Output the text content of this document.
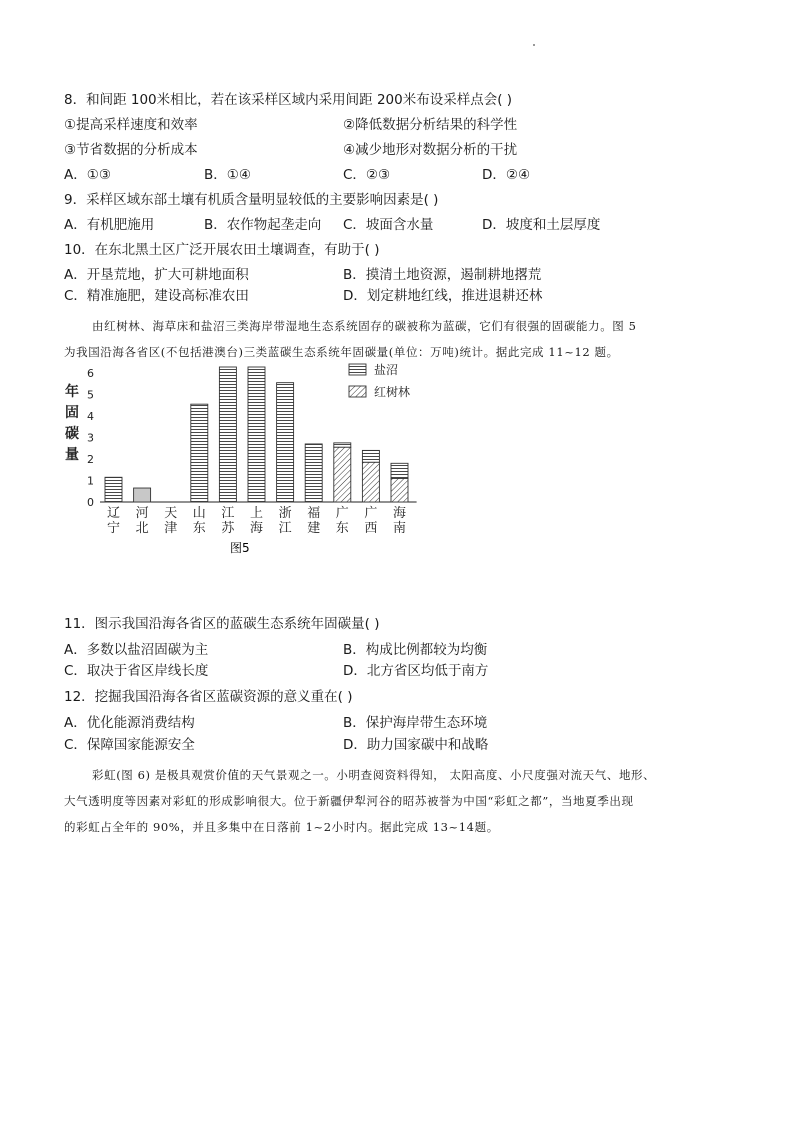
8．和间距 100米相比，若在该采样区域内采用间距 200米布设采样点会( )
①提高采样速度和效率	②降低数据分析结果的科学性
③节省数据的分析成本	④减少地形对数据分析的干扰
A．①③	B．①④	C．②③	D．②④
9．采样区域东部土壤有机质含量明显较低的主要影响因素是( )
A．有机肥施用	B．农作物起垄走向 C．坡面含水量	D．坡度和土层厚度
10．在东北黑土区广泛开展农田土壤调查，有助于( )
A．开垦荒地，扩大可耕地面积	B．摸清土地资源，遏制耕地撂荒
C．精准施肥，建设高标准农田	D．划定耕地红线，推进退耕还林
由红树林、海草床和盐沼三类海岸带湿地生态系统固存的碳被称为蓝碳，它们有很强的固碳能力。图 5
为我国沿海各省区(不包括港澳台)三类蓝碳生态系统年固碳量(单位：万吨)统计。据此完成 11~12 题。
年
固
碳
量
0
1
2
3
4
5
6
辽
宁
河
北
天
津
山
东
江
苏
上
海
浙
江
福
建
广
东
广
西
海
南
盐沼
红树林
图5
11．图示我国沿海各省区的蓝碳生态系统年固碳量( )
A．多数以盐沼固碳为主	B．构成比例都较为均衡
C．取决于省区岸线长度	D．北方省区均低于南方
12．挖掘我国沿海各省区蓝碳资源的意义重在( )
A．优化能源消费结构	B．保护海岸带生态环境
C．保障国家能源安全	D．助力国家碳中和战略
彩虹(图 6) 是极具观赏价值的天气景观之一。小明查阅资料得知， 太阳高度、小尺度强对流天气、地形、
大气透明度等因素对彩虹的形成影响很大。位于新疆伊犁河谷的昭苏被誉为中国“彩虹之都”，当地夏季出现
的彩虹占全年的 90%，并且多集中在日落前 1~2小时内。据此完成 13~14题。
